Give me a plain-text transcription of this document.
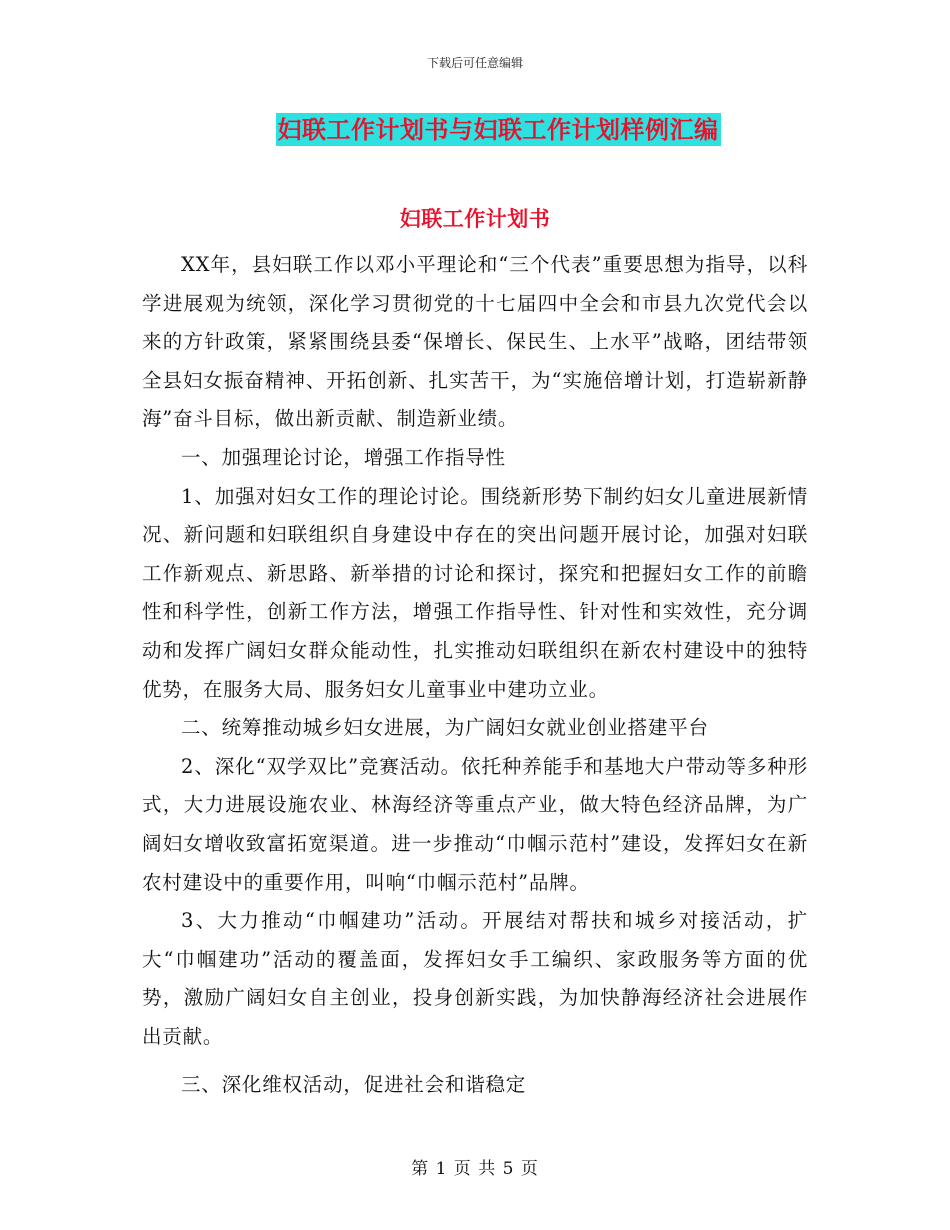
下载后可任意编辑
妇联工作计划书与妇联工作计划样例汇编
妇联工作计划书

XX年，县妇联工作以邓小平理论和“三个代表”重要思想为指导，以科学进展观为统领，深化学习贯彻党的十七届四中全会和市县九次党代会以来的方针政策，紧紧围绕县委“保增长、保民生、上水平”战略，团结带领全县妇女振奋精神、开拓创新、扎实苦干，为“实施倍增计划，打造崭新静海”奋斗目标，做出新贡献、制造新业绩。

一、加强理论讨论，增强工作指导性

1、加强对妇女工作的理论讨论。围绕新形势下制约妇女儿童进展新情况、新问题和妇联组织自身建设中存在的突出问题开展讨论，加强对妇联工作新观点、新思路、新举措的讨论和探讨，探究和把握妇女工作的前瞻性和科学性，创新工作方法，增强工作指导性、针对性和实效性，充分调动和发挥广阔妇女群众能动性，扎实推动妇联组织在新农村建设中的独特优势，在服务大局、服务妇女儿童事业中建功立业。

二、统筹推动城乡妇女进展，为广阔妇女就业创业搭建平台

2、深化“双学双比”竞赛活动。依托种养能手和基地大户带动等多种形式，大力进展设施农业、林海经济等重点产业，做大特色经济品牌，为广阔妇女增收致富拓宽渠道。进一步推动“巾帼示范村”建设，发挥妇女在新农村建设中的重要作用，叫响“巾帼示范村”品牌。

3、大力推动“巾帼建功”活动。开展结对帮扶和城乡对接活动，扩大“巾帼建功”活动的覆盖面，发挥妇女手工编织、家政服务等方面的优势，激励广阔妇女自主创业，投身创新实践，为加快静海经济社会进展作出贡献。

三、深化维权活动，促进社会和谐稳定

第 1 页 共 5 页
